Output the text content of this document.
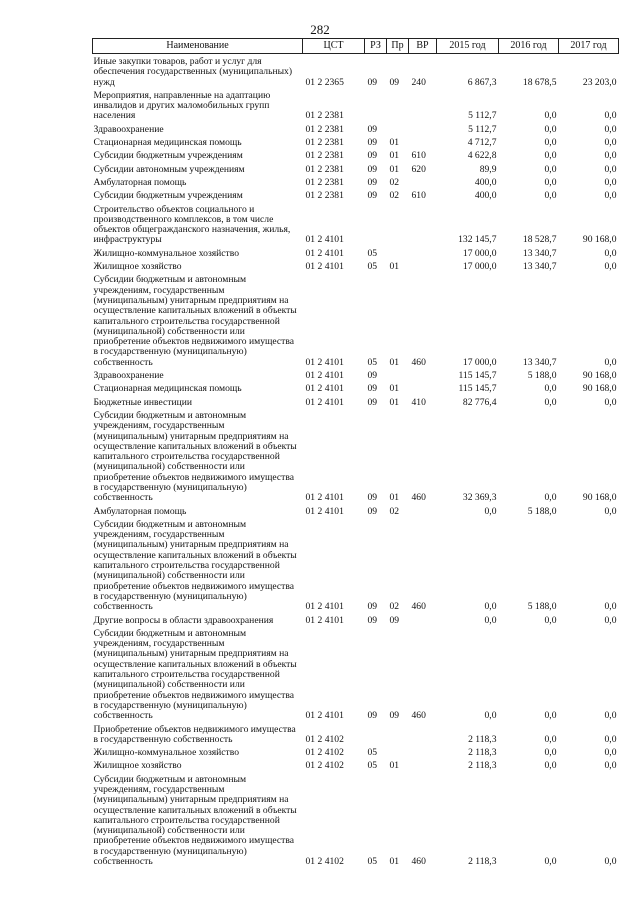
282
Наименование	ЦСТ	РЗ	Пр	ВР	2015 год	2016 год	2017 год
Иные закупки товаров, работ и услуг для обеспечения государственных (муниципальных) нужд	01 2 2365	09	09	240	6 867,3	18 678,5	23 203,0
Мероприятия, направленные на адаптацию инвалидов и других маломобильных групп населения	01 2 2381				5 112,7	0,0	0,0
Здравоохранение	01 2 2381	09			5 112,7	0,0	0,0
Стационарная медицинская помощь	01 2 2381	09	01		4 712,7	0,0	0,0
Субсидии бюджетным учреждениям	01 2 2381	09	01	610	4 622,8	0,0	0,0
Субсидии автономным учреждениям	01 2 2381	09	01	620	89,9	0,0	0,0
Амбулаторная помощь	01 2 2381	09	02		400,0	0,0	0,0
Субсидии бюджетным учреждениям	01 2 2381	09	02	610	400,0	0,0	0,0
Строительство объектов социального и производственного комплексов, в том числе объектов общегражданского назначения, жилья, инфраструктуры	01 2 4101				132 145,7	18 528,7	90 168,0
Жилищно-коммунальное хозяйство	01 2 4101	05			17 000,0	13 340,7	0,0
Жилищное хозяйство	01 2 4101	05	01		17 000,0	13 340,7	0,0
Субсидии бюджетным и автономным учреждениям, государственным (муниципальным) унитарным предприятиям на осуществление капитальных вложений в объекты капитального строительства государственной (муниципальной) собственности или приобретение объектов недвижимого имущества в государственную (муниципальную) собственность	01 2 4101	05	01	460	17 000,0	13 340,7	0,0
Здравоохранение	01 2 4101	09			115 145,7	5 188,0	90 168,0
Стационарная медицинская помощь	01 2 4101	09	01		115 145,7	0,0	90 168,0
Бюджетные инвестиции	01 2 4101	09	01	410	82 776,4	0,0	0,0
Субсидии бюджетным и автономным учреждениям, государственным (муниципальным) унитарным предприятиям на осуществление капитальных вложений в объекты капитального строительства государственной (муниципальной) собственности или приобретение объектов недвижимого имущества в государственную (муниципальную) собственность	01 2 4101	09	01	460	32 369,3	0,0	90 168,0
Амбулаторная помощь	01 2 4101	09	02		0,0	5 188,0	0,0
Субсидии бюджетным и автономным учреждениям, государственным (муниципальным) унитарным предприятиям на осуществление капитальных вложений в объекты капитального строительства государственной (муниципальной) собственности или приобретение объектов недвижимого имущества в государственную (муниципальную) собственность	01 2 4101	09	02	460	0,0	5 188,0	0,0
Другие вопросы в области здравоохранения	01 2 4101	09	09		0,0	0,0	0,0
Субсидии бюджетным и автономным учреждениям, государственным (муниципальным) унитарным предприятиям на осуществление капитальных вложений в объекты капитального строительства государственной (муниципальной) собственности или приобретение объектов недвижимого имущества в государственную (муниципальную) собственность	01 2 4101	09	09	460	0,0	0,0	0,0
Приобретение объектов недвижимого имущества в государственную собственность	01 2 4102				2 118,3	0,0	0,0
Жилищно-коммунальное хозяйство	01 2 4102	05			2 118,3	0,0	0,0
Жилищное хозяйство	01 2 4102	05	01		2 118,3	0,0	0,0
Субсидии бюджетным и автономным учреждениям, государственным (муниципальным) унитарным предприятиям на осуществление капитальных вложений в объекты капитального строительства государственной (муниципальной) собственности или приобретение объектов недвижимого имущества в государственную (муниципальную) собственность	01 2 4102	05	01	460	2 118,3	0,0	0,0
